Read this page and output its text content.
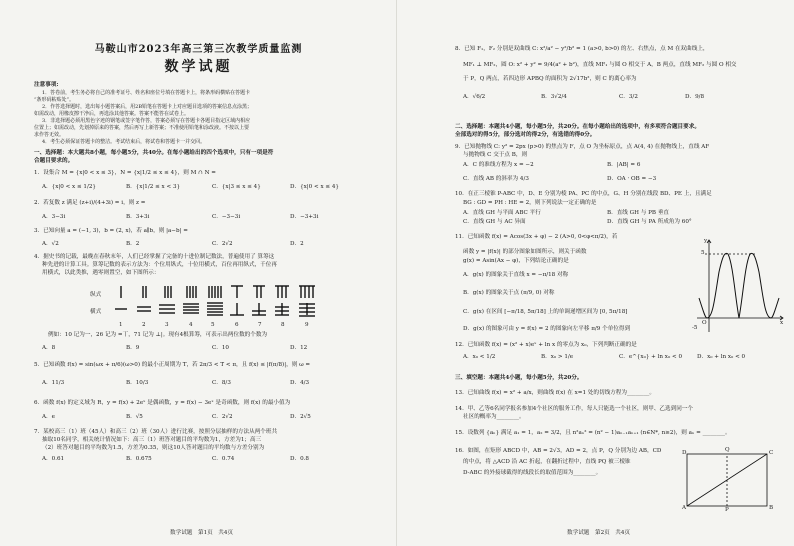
马鞍山市2023年高三第三次教学质量监测
数学试题
注意事项:
1．答卷前，考生务必将自己的准考证号、姓名和座位号填在答题卡上，将条形码横贴在答题卡
“条形码粘贴处”。
2．作答选择题时，选出每小题答案后，用2B铅笔在答题卡上对应题目选项的答案信息点涂黑；
如需改动，用橡皮擦干净后，再选涂其他答案。答案不能答在试卷上。
3．非选择题必须用黑色字迹的钢笔或签字笔作答，答案必须写在答题卡各题目指定区域内相应
位置上；如需改动，先划掉原来的答案，然后再写上新答案；不准使用铅笔和涂改液。不按以上要
求作答无效。
4．考生必须保证答题卡的整洁。考试结束后，将试卷和答题卡一并交回。
一、选择题：本大题共8小题，每小题5分，共40分。在每小题给出的四个选项中，只有一项是符
合题目要求的。
1．设集合 M = {x|0 < x ≤ 3}，N = {x|1/2 ≤ x ≤ 4}，则 M ∩ N =
A．{x|0 < x ≤ 1/2}	B．{x|1/2 ≤ x < 3}	C．{x|3 ≤ x ≤ 4}	D．{x|0 < x ≤ 4}
2．若复数 z 满足 (z+i)/(4+3i) = i，则 z =
A．3−3i	B．3+3i	C．−3−3i	D．−3+3i
3．已知向量 a = (−1, 3)，b = (2, x)，若 a∥b，则 |a−b| =
A．√2	B．2	C．2√2	D．2
4．据史书的记载，最晚在春秋末年，人们已经掌握了完备的十进位制记数法，普遍使用了 算筹这
种先进的计算工具。算筹记数的表示方法为：个位用纵式，十位用横式，百位再用纵式，千位再
用横式，以此类推，遇零则置空，如下图所示：
纵式
横式
1	2	3	4	5	6	7	8	9
例如：10 记为一，26 记为 =丅，71 记为 ⊥|。现有4根算筹，可表示出两位数的个数为
A．8	B．9	C．10	D．12
5．已知函数 f(x) = sin(ωx + π/6)(ω>0) 的最小正周期为 T，若 2π/3 < T < π，且 f(x) ≤ |f(π/8)|，则 ω =
A．11/3	B．10/3	C．8/3	D．4/3
6．函数 f(x) 的定义域为 R，y = f(x) + 2eˣ 是偶函数，y = f(x) − 3eˣ 是奇函数，则 f(x) 的最小值为
A．e	B．√5	C．2√2	D．2√5
7．某校高三（1）班（45人）和高三（2）班（30人）进行比赛，按照分层抽样的方法从两个班共
抽取10名同学，相关统计情况如下：高三（1）班答对题目的平均数为1，方差为1；高三
（2）班答对题目的平均数为1.5，方差为0.35，则这10人答对题目的平均数与方差分别为
A．0.61	B．0.675	C．0.74	D．0.8
数学试题　第1页　共4页
8．已知 F₁，F₂ 分别是双曲线 C: x²/a² − y²/b² = 1 (a>0, b>0) 的左、右焦点，点 M 在双曲线上，
MF₁ ⊥ MF₂，圆 O: x² + y² = 9/4(a² + b²)，直线 MF₁ 与圆 O 相交于 A，B 两点，直线 MF₂ 与圆 O 相交
于 P，Q 两点，若四边形 APBQ 的面积为 2√17b²，则 C 的离心率为
A．√6/2	B．3√2/4	C．3/2	D．9/8
二、选择题：本题共4小题，每小题5分，共20分。在每小题给出的选项中，有多项符合题目要求。
全部选对的得5分，部分选对的得2分，有选错的得0分。
9．已知抛物线 C: y² = 2px (p>0) 的焦点为 F，点 O 为坐标原点，点 A(4, 4) 在抛物线上，直线 AF
与抛物线 C 交于点 B，则
A．C 的准线方程为 x = −2	B．|AB| = 6
C．直线 AB 的斜率为 4/3	D．OA · OB = −3
10．在正三棱锥 P-ABC 中，D、E 分别为棱 PA、PC 的中点，G、H 分别在线段 BD、PE 上，且满足
BG : GD = PH : HE = 2，则下列说法一定正确的是
A．直线 GH 与平面 ABC 平行	B．直线 GH 与 PB 垂直
C．直线 GH 与 AC 异面	D．直线 GH 与 PA 所成角为 60°
11．已知函数 f(x) = Acos(3x + φ) − 2 (A>0, 0<φ<π/2)，若
函数 y = |f(x)| 的部分图象如图所示，则关于函数
g(x) = Asin(Ax − φ)，下列结论正确的是
A．g(x) 的图象关于直线 x = −π/18 对称
B．g(x) 的图象关于点 (π/9, 0) 对称
C．g(x) 在区间 [−π/18, 5π/18] 上的单调递增区间为 [0, 5π/18]
D．g(x) 的图象可由 y = f(x) = 2 的图象向左平移 π/9 个单位得到
y
5
O	x
-5
12．已知函数 f(x) = (x² + x)eˣ + ln x 的零点为 x₀，下列判断正确的是
A．x₀ < 1/2	B．x₀ > 1/e	C．e^{x₀} + ln x₀ < 0	D．x₀ + ln x₀ < 0
三、填空题：本题共4小题，每小题5分，共20分。
13．已知曲线 f(x) = x² + a/x，则曲线 f(x) 在 x=1 处的切线方程为________。
14．甲、乙等6名同学报名参加4个社区的服务工作，每人只能选一个社区，则甲、乙选到同一个
社区的概率为________。
15．设数列 {aₙ} 满足 a₁ = 1，a₂ = 3/2，且 n²aₙ² = (n² − 1)aₙ₋₁aₙ₊₁ (n∈N*, n≥2)，则 aₙ = ________。
16．如图，在矩形 ABCD 中，AB = 2√3，AD = 2，点 P，Q 分别为边 AB，CD
的中点，将 △ACD 沿 AC 折起，在翻折过程中，直线 PQ 被三棱锥
D-ABC 的外接球截得的线段长的取值范围为________。
D	C
A	B
P
Q
数学试题　第2页　共4页
